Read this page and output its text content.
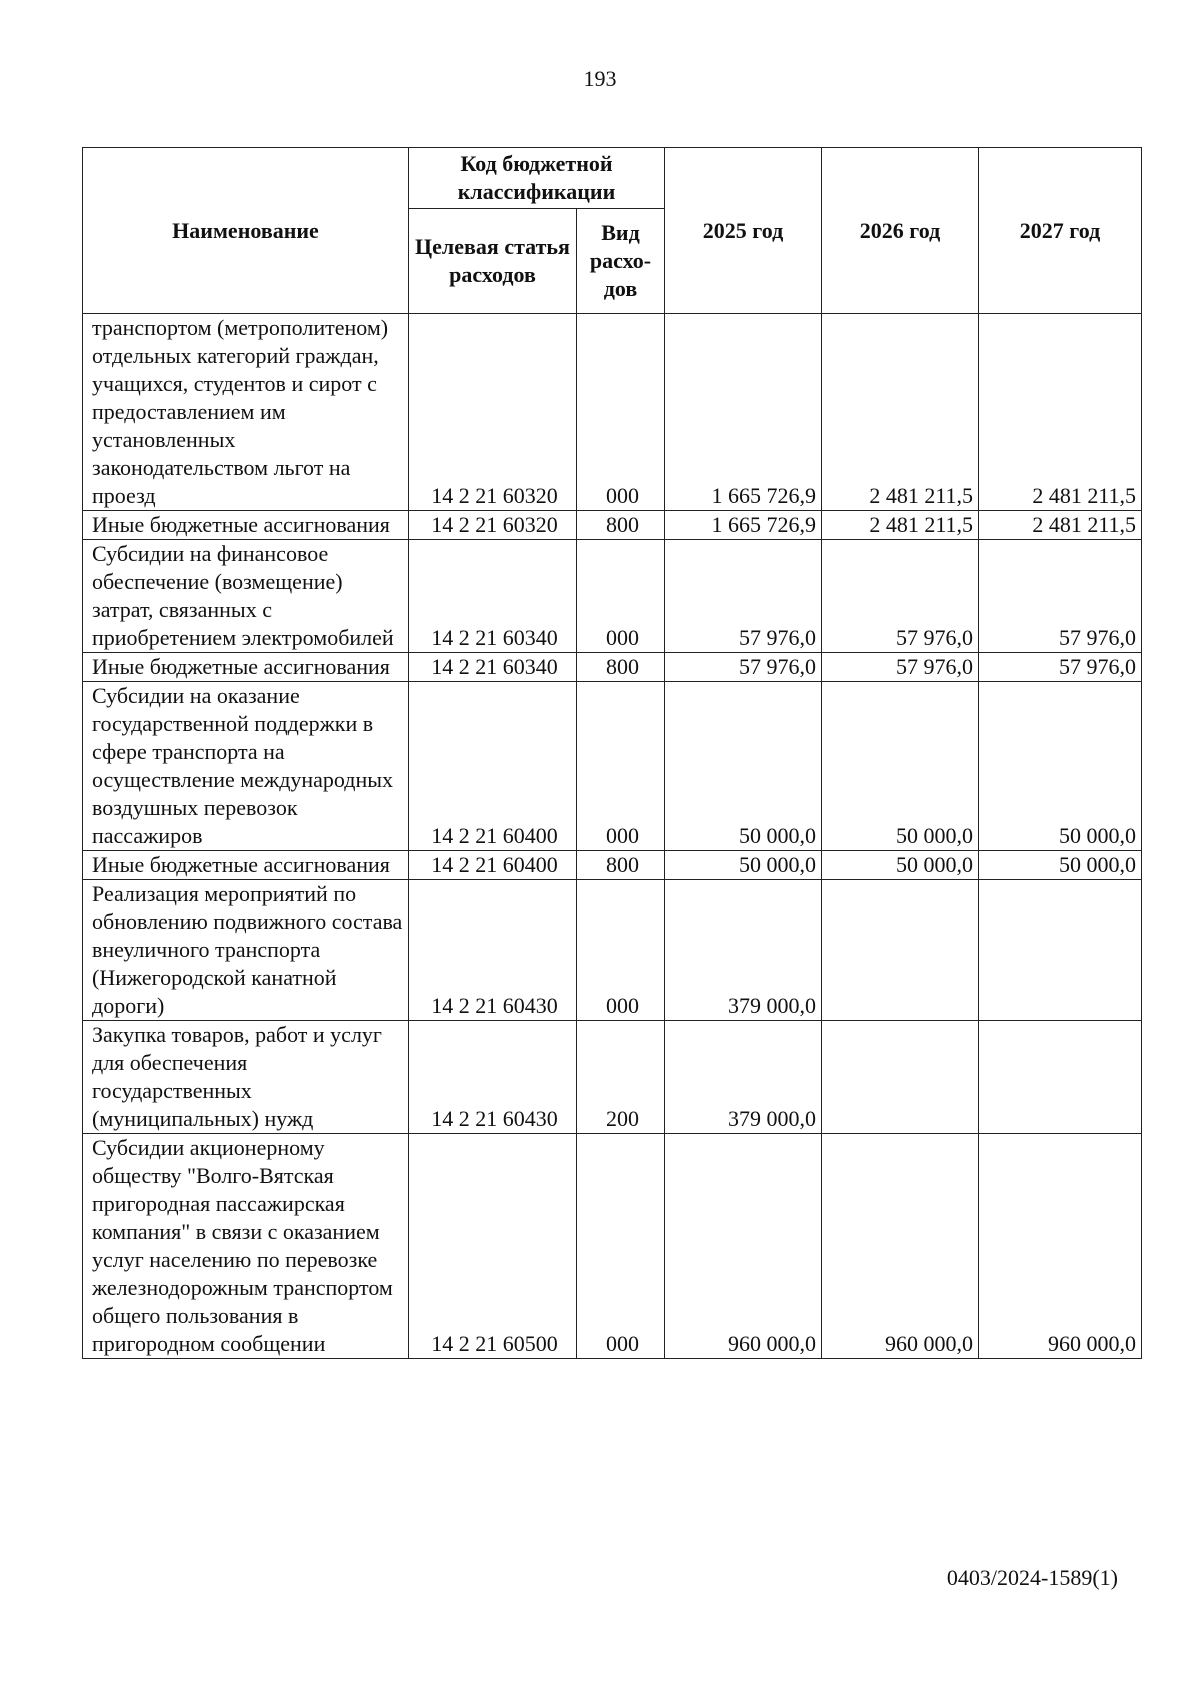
193
Наименование	Код бюджетной классификации		2025 год	2026 год	2027 год
	Целевая статья расходов	Вид расхо-дов			
транспортом (метрополитеном) отдельных категорий граждан, учащихся, студентов и сирот с предоставлением им установленных законодательством льгот на проезд	14 2 21 60320	000	1 665 726,9	2 481 211,5	2 481 211,5
Иные бюджетные ассигнования	14 2 21 60320	800	1 665 726,9	2 481 211,5	2 481 211,5
Субсидии на финансовое обеспечение (возмещение) затрат, связанных с приобретением электромобилей	14 2 21 60340	000	57 976,0	57 976,0	57 976,0
Иные бюджетные ассигнования	14 2 21 60340	800	57 976,0	57 976,0	57 976,0
Субсидии на оказание государственной поддержки в сфере транспорта на осуществление международных воздушных перевозок пассажиров	14 2 21 60400	000	50 000,0	50 000,0	50 000,0
Иные бюджетные ассигнования	14 2 21 60400	800	50 000,0	50 000,0	50 000,0
Реализация мероприятий по обновлению подвижного состава внеуличного транспорта (Нижегородской канатной дороги)	14 2 21 60430	000	379 000,0		
Закупка товаров, работ и услуг для обеспечения государственных (муниципальных) нужд	14 2 21 60430	200	379 000,0		
Субсидии акционерному обществу "Волго-Вятская пригородная пассажирская компания" в связи с оказанием услуг населению по перевозке железнодорожным транспортом общего пользования в пригородном сообщении	14 2 21 60500	000	960 000,0	960 000,0	960 000,0
0403/2024-1589(1)
